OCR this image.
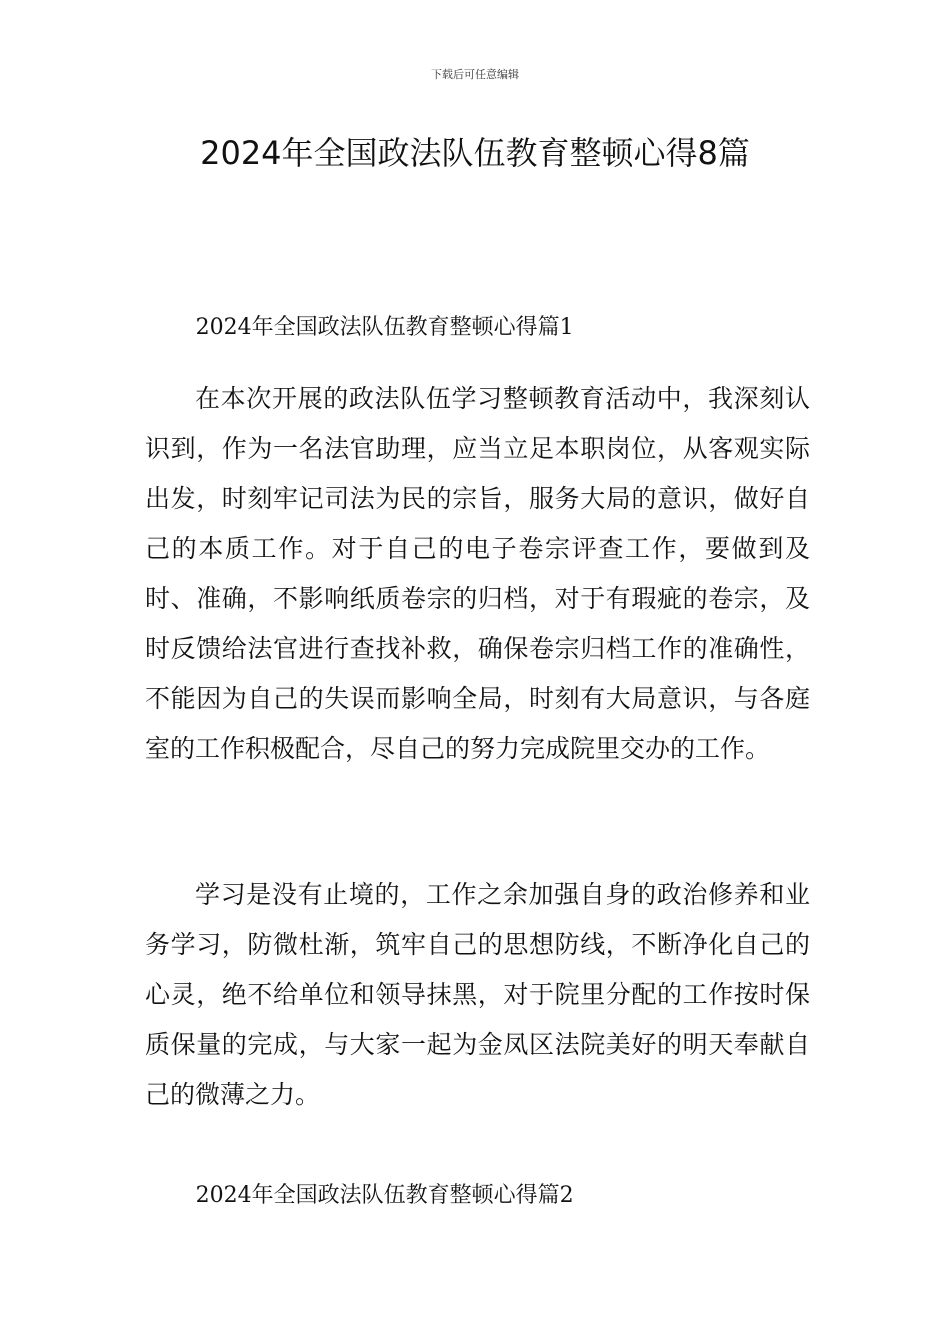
下载后可任意编辑
2024年全国政法队伍教育整顿心得8篇

2024年全国政法队伍教育整顿心得篇1

在本次开展的政法队伍学习整顿教育活动中，我深刻认识到，作为一名法官助理，应当立足本职岗位，从客观实际出发，时刻牢记司法为民的宗旨，服务大局的意识，做好自己的本质工作。对于自己的电子卷宗评查工作，要做到及时、准确，不影响纸质卷宗的归档，对于有瑕疵的卷宗，及时反馈给法官进行查找补救，确保卷宗归档工作的准确性，不能因为自己的失误而影响全局，时刻有大局意识，与各庭室的工作积极配合，尽自己的努力完成院里交办的工作。

学习是没有止境的，工作之余加强自身的政治修养和业务学习，防微杜渐，筑牢自己的思想防线，不断净化自己的心灵，绝不给单位和领导抹黑，对于院里分配的工作按时保质保量的完成，与大家一起为金凤区法院美好的明天奉献自己的微薄之力。

2024年全国政法队伍教育整顿心得篇2
